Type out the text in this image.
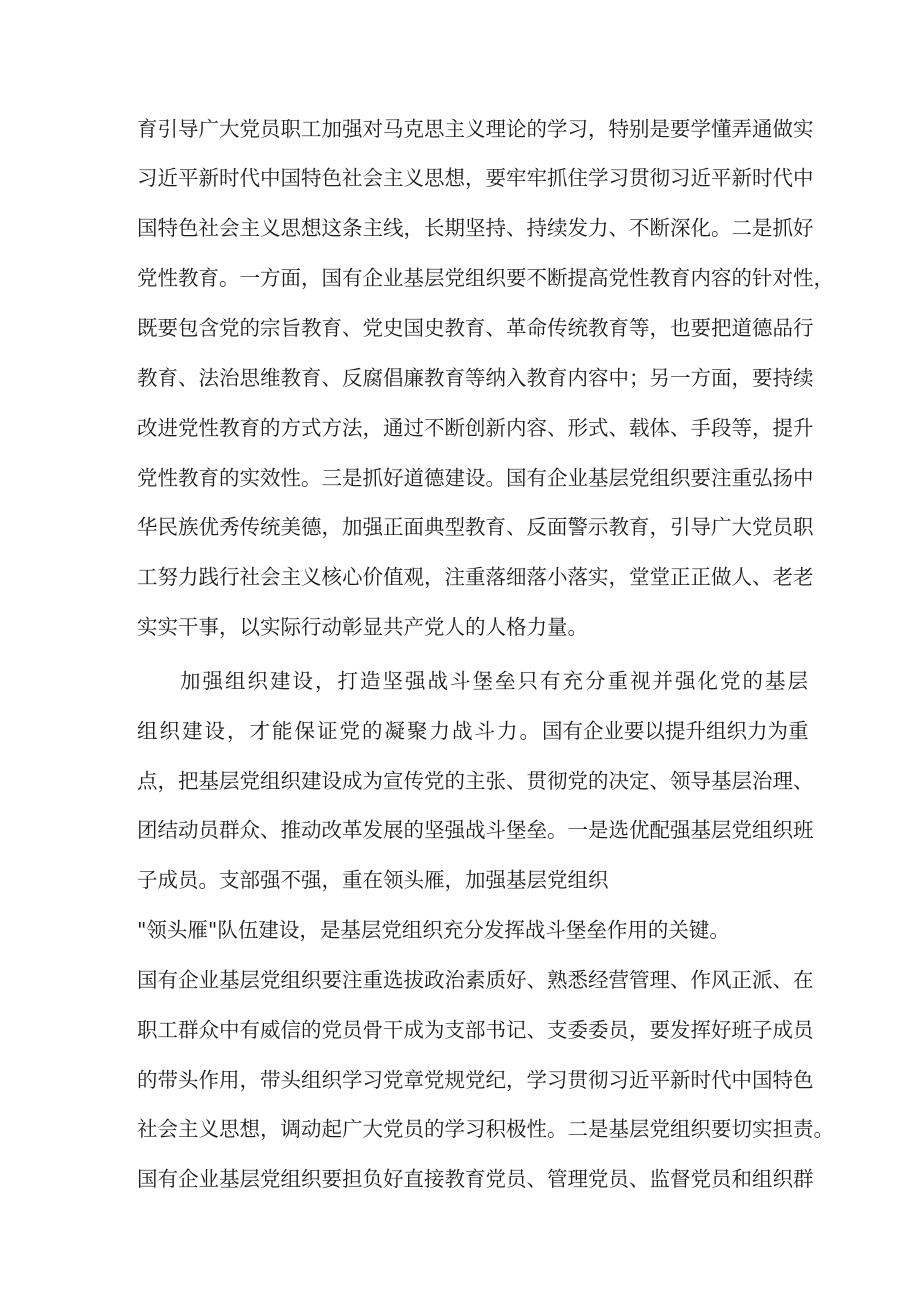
育引导广大党员职工加强对马克思主义理论的学习，特别是要学懂弄通做实
习近平新时代中国特色社会主义思想，要牢牢抓住学习贯彻习近平新时代中
国特色社会主义思想这条主线，长期坚持、持续发力、不断深化。二是抓好
党性教育。一方面，国有企业基层党组织要不断提高党性教育内容的针对性，
既要包含党的宗旨教育、党史国史教育、革命传统教育等，也要把道德品行
教育、法治思维教育、反腐倡廉教育等纳入教育内容中；另一方面，要持续
改进党性教育的方式方法，通过不断创新内容、形式、载体、手段等，提升
党性教育的实效性。三是抓好道德建设。国有企业基层党组织要注重弘扬中
华民族优秀传统美德，加强正面典型教育、反面警示教育，引导广大党员职
工努力践行社会主义核心价值观，注重落细落小落实，堂堂正正做人、老老
实实干事，以实际行动彰显共产党人的人格力量。
加强组织建设，打造坚强战斗堡垒只有充分重视并强化党的基层
组织建设，才能保证党的凝聚力战斗力。国有企业要以提升组织力为重
点，把基层党组织建设成为宣传党的主张、贯彻党的决定、领导基层治理、
团结动员群众、推动改革发展的坚强战斗堡垒。一是选优配强基层党组织班
子成员。支部强不强，重在领头雁，加强基层党组织
"领头雁"队伍建设，是基层党组织充分发挥战斗堡垒作用的关键。
国有企业基层党组织要注重选拔政治素质好、熟悉经营管理、作风正派、在
职工群众中有威信的党员骨干成为支部书记、支委委员，要发挥好班子成员
的带头作用，带头组织学习党章党规党纪，学习贯彻习近平新时代中国特色
社会主义思想，调动起广大党员的学习积极性。二是基层党组织要切实担责。
国有企业基层党组织要担负好直接教育党员、管理党员、监督党员和组织群
